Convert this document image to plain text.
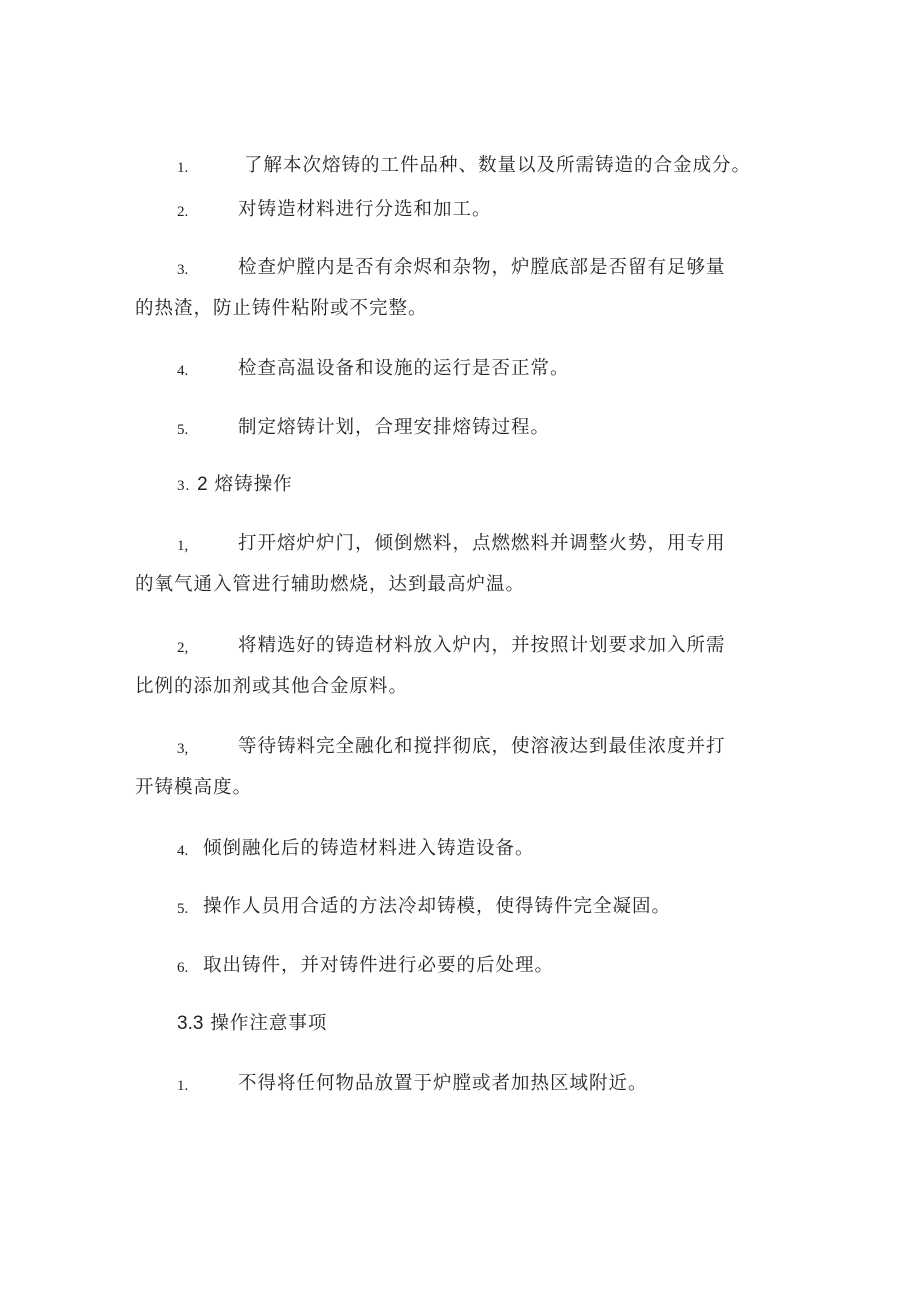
1.	了解本次熔铸的工件品种、数量以及所需铸造的合金成分。
2.	对铸造材料进行分选和加工。
3.	检查炉膛内是否有余烬和杂物，炉膛底部是否留有足够量
的热渣，防止铸件粘附或不完整。
4.	检查高温设备和设施的运行是否正常。
5.	制定熔铸计划，合理安排熔铸过程。
3. 2 熔铸操作
1,	打开熔炉炉门，倾倒燃料，点燃燃料并调整火势，用专用
的氧气通入管进行辅助燃烧，达到最高炉温。
2,	将精选好的铸造材料放入炉内，并按照计划要求加入所需
比例的添加剂或其他合金原料。
3,	等待铸料完全融化和搅拌彻底，使溶液达到最佳浓度并打
开铸模高度。
4. 倾倒融化后的铸造材料进入铸造设备。
5. 操作人员用合适的方法冷却铸模，使得铸件完全凝固。
6. 取出铸件，并对铸件进行必要的后处理。
3.3 操作注意事项
1.	不得将任何物品放置于炉膛或者加热区域附近。
